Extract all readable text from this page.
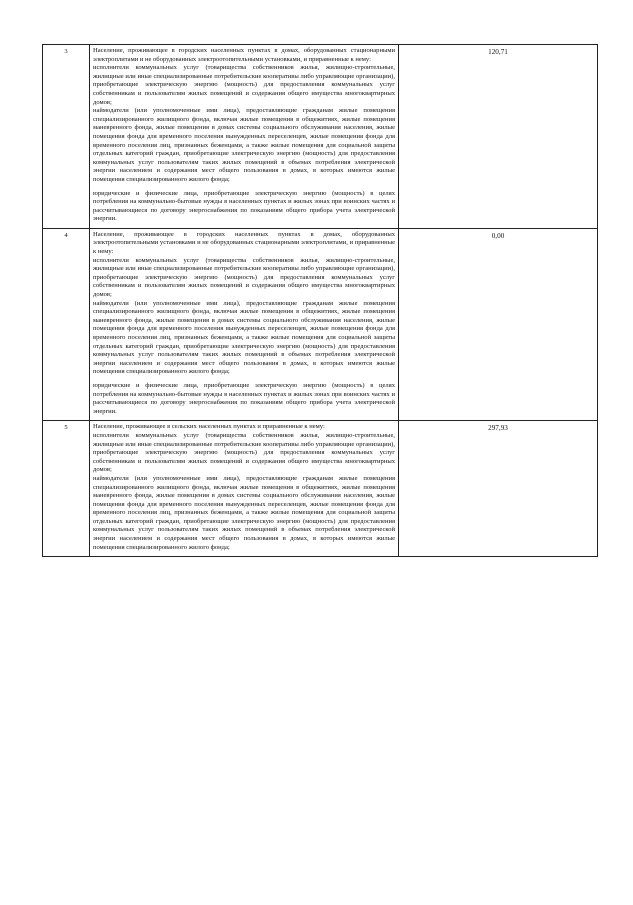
3	Население, проживающее в городских населенных пунктах в домах, оборудованных стационарными электроплитами и не оборудованных электроотопительными установками, и приравненные к нему:

исполнители коммунальных услуг (товарищества собственников жилья, жилищно-строительные, жилищные или иные специализированные потребительские кооперативы либо управляющие организации), приобретающие электрическую энергию (мощность) для предоставления коммунальных услуг собственникам и пользователям жилых помещений и содержания общего имущества многоквартирных домов;

наймодатели (или уполномоченные ими лица), предоставляющие гражданам жилые помещения специализированного жилищного фонда, включая жилые помещения в общежитиях, жилые помещения маневренного фонда, жилые помещения в домах системы социального обслуживания населения, жилые помещения фонда для временного поселения вынужденных переселенцев, жилые помещения фонда для временного поселения лиц, признанных беженцами, а также жилые помещения для социальной защиты отдельных категорий граждан, приобретающие электрическую энергию (мощность) для предоставления коммунальных услуг пользователям таких жилых помещений в объемах потребления электрической энергии населением и содержания мест общего пользования в домах, в которых имеются жилые помещения специализированного жилого фонда;

юридические и физические лица, приобретающие электрическую энергию (мощность) в целях потребления на коммунально-бытовые нужды в населенных пунктах и жилых зонах при воинских частях и рассчитывающиеся по договору энергоснабжения по показаниям общего прибора учета электрической энергии.	120,71
4	Население, проживающее в городских населенных пунктах в домах, оборудованных электроотопительными установками и не оборудованных стационарными электроплитами, и приравненные к нему:

исполнители коммунальных услуг (товарищества собственников жилья, жилищно-строительные, жилищные или иные специализированные потребительские кооперативы либо управляющие организации), приобретающие электрическую энергию (мощность) для предоставления коммунальных услуг собственникам и пользователям жилых помещений и содержания общего имущества многоквартирных домов;

наймодатели (или уполномоченные ими лица), предоставляющие гражданам жилые помещения специализированного жилищного фонда, включая жилые помещения в общежитиях, жилые помещения маневренного фонда, жилые помещения в домах системы социального обслуживания населения, жилые помещения фонда для временного поселения вынужденных переселенцев, жилые помещения фонда для временного поселения лиц, признанных беженцами, а также жилые помещения для социальной защиты отдельных категорий граждан, приобретающие электрическую энергию (мощность) для предоставления коммунальных услуг пользователям таких жилых помещений в объемах потребления электрической энергии населением и содержания мест общего пользования в домах, в которых имеются жилые помещения специализированного жилого фонда;

юридические и физические лица, приобретающие электрическую энергию (мощность) в целях потребления на коммунально-бытовые нужды в населенных пунктах и жилых зонах при воинских частях и рассчитывающиеся по договору энергоснабжения по показаниям общего прибора учета электрической энергии.	0,00
5	Население, проживающее в сельских населенных пунктах и приравненные к нему:

исполнители коммунальных услуг (товарищества собственников жилья, жилищно-строительные, жилищные или иные специализированные потребительские кооперативы либо управляющие организации), приобретающие электрическую энергию (мощность) для предоставления коммунальных услуг собственникам и пользователям жилых помещений и содержания общего имущества многоквартирных домов;

наймодатели (или уполномоченные ими лица), предоставляющие гражданам жилые помещения специализированного жилищного фонда, включая жилые помещения в общежитиях, жилые помещения маневренного фонда, жилые помещения в домах системы социального обслуживания населения, жилые помещения фонда для временного поселения вынужденных переселенцев, жилые помещения фонда для временного поселения лиц, признанных беженцами, а также жилые помещения для социальной защиты отдельных категорий граждан, приобретающие электрическую энергию (мощность) для предоставления коммунальных услуг пользователям таких жилых помещений в объемах потребления электрической энергии населением и содержания мест общего пользования в домах, в которых имеются жилые помещения специализированного жилого фонда;	297,93
